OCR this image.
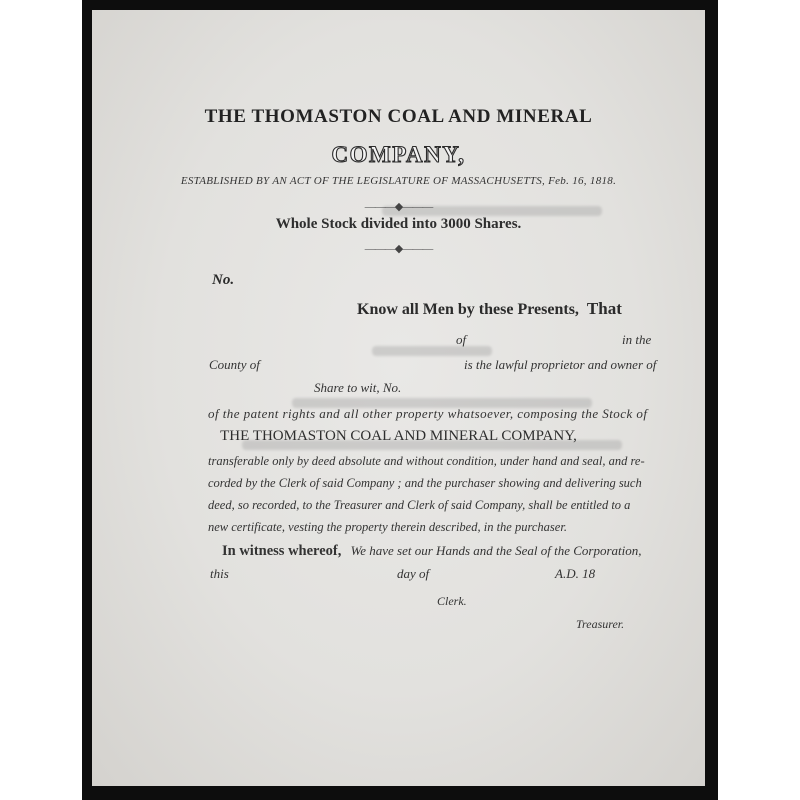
THE THOMASTON COAL AND MINERAL
COMPANY,
ESTABLISHED BY AN ACT OF THE LEGISLATURE OF MASSACHUSETTS, Feb. 16, 1818.
———◆———
Whole Stock divided into 3000 Shares.
———◆———
No.
Know all Men by these Presents, That
of	in the
County of	is the lawful proprietor and owner of
Share to wit, No.
of the patent rights and all other property whatsoever, composing the Stock of
THE THOMASTON COAL AND MINERAL COMPANY,
transferable only by deed absolute and without condition, under hand and seal, and re-
corded by the Clerk of said Company ; and the purchaser showing and delivering such
deed, so recorded, to the Treasurer and Clerk of said Company, shall be entitled to a
new certificate, vesting the property therein described, in the purchaser.
In witness whereof, We have set our Hands and the Seal of the Corporation,
this	day of	A.D. 18
Clerk.
Treasurer.
